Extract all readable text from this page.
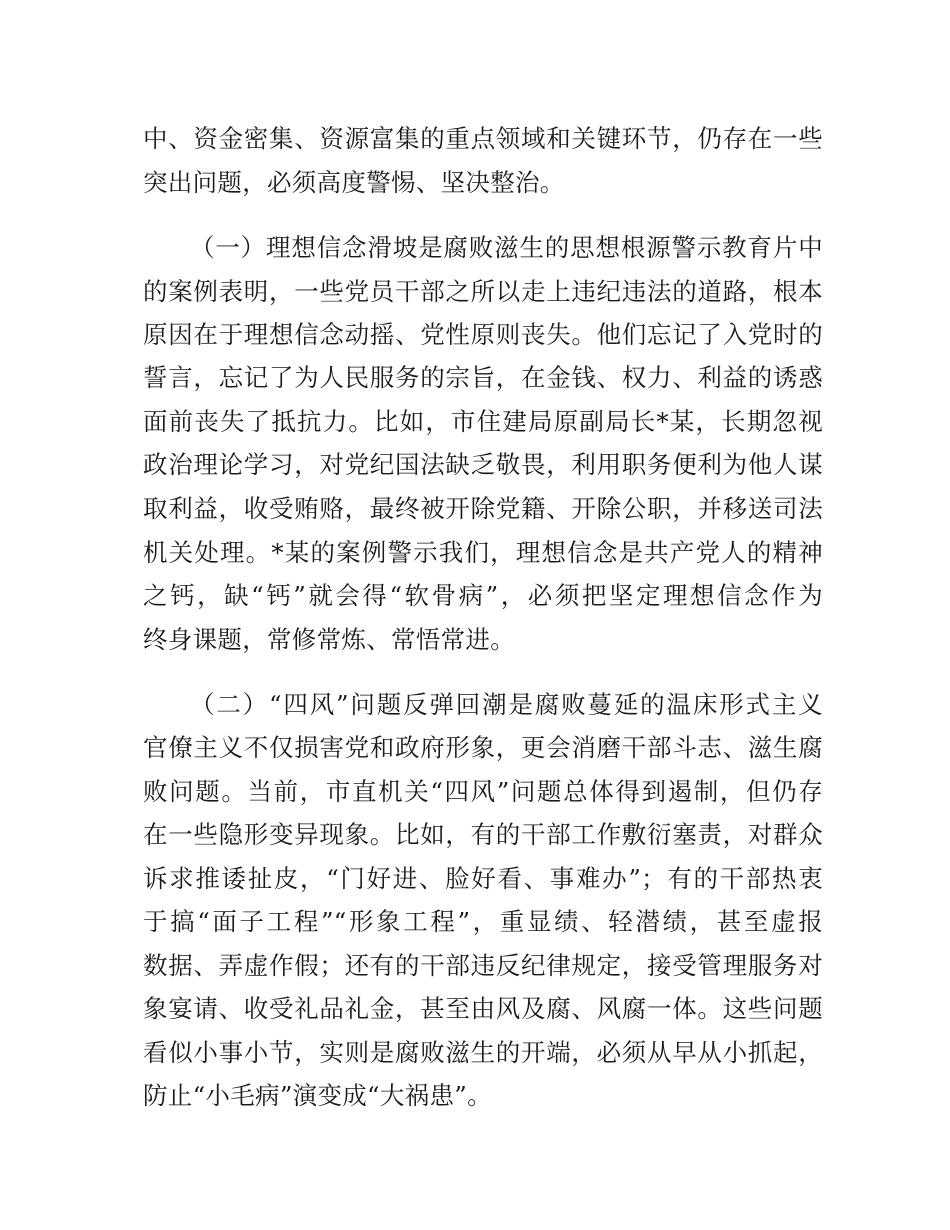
中、资金密集、资源富集的重点领域和关键环节，仍存在一些
突出问题，必须高度警惕、坚决整治。
（一）理想信念滑坡是腐败滋生的思想根源警示教育片中
的案例表明，一些党员干部之所以走上违纪违法的道路，根本
原因在于理想信念动摇、党性原则丧失。他们忘记了入党时的
誓言，忘记了为人民服务的宗旨，在金钱、权力、利益的诱惑
面前丧失了抵抗力。比如，市住建局原副局长*某，长期忽视
政治理论学习，对党纪国法缺乏敬畏，利用职务便利为他人谋
取利益，收受贿赂，最终被开除党籍、开除公职，并移送司法
机关处理。*某的案例警示我们，理想信念是共产党人的精神
之钙，缺“钙”就会得“软骨病”，必须把坚定理想信念作为
终身课题，常修常炼、常悟常进。
（二）“四风”问题反弹回潮是腐败蔓延的温床形式主义
官僚主义不仅损害党和政府形象，更会消磨干部斗志、滋生腐
败问题。当前，市直机关“四风”问题总体得到遏制，但仍存
在一些隐形变异现象。比如，有的干部工作敷衍塞责，对群众
诉求推诿扯皮，“门好进、脸好看、事难办”；有的干部热衷
于搞“面子工程”“形象工程”，重显绩、轻潜绩，甚至虚报
数据、弄虚作假；还有的干部违反纪律规定，接受管理服务对
象宴请、收受礼品礼金，甚至由风及腐、风腐一体。这些问题
看似小事小节，实则是腐败滋生的开端，必须从早从小抓起，
防止“小毛病”演变成“大祸患”。
